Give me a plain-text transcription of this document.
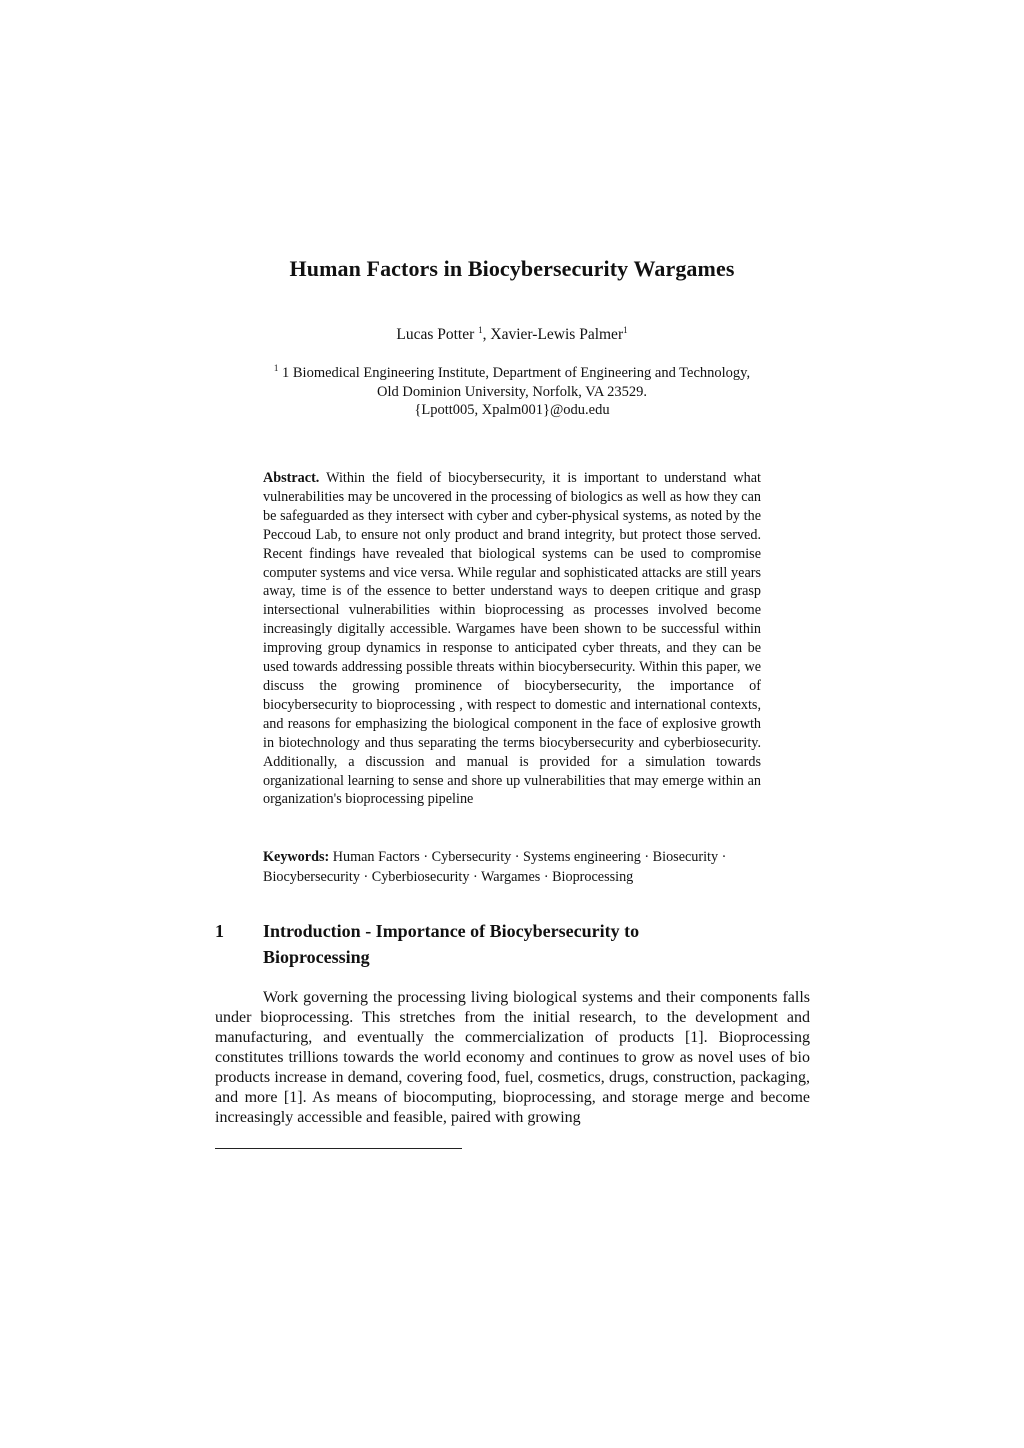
Human Factors in Biocybersecurity Wargames
Lucas Potter $^1$, Xavier-Lewis Palmer$^1$
$^1$ 1 Biomedical Engineering Institute, Department of Engineering and Technology,
Old Dominion University, Norfolk, VA 23529.
{Lpott005, Xpalm001}@odu.edu
Abstract. Within the field of biocybersecurity, it is important to understand what vulnerabilities may be uncovered in the processing of biologics as well as how they can be safeguarded as they intersect with cyber and cyber-physical systems, as noted by the Peccoud Lab, to ensure not only product and brand integrity, but protect those served. Recent findings have revealed that biological systems can be used to compromise computer systems and vice versa. While regular and sophisticated attacks are still years away, time is of the essence to better understand ways to deepen critique and grasp intersectional vulnerabilities within bioprocessing as processes involved become increasingly digitally accessible. Wargames have been shown to be successful within improving group dynamics in response to anticipated cyber threats, and they can be used towards addressing possible threats within biocybersecurity. Within this paper, we discuss the growing prominence of biocybersecurity, the importance of biocybersecurity to bioprocessing , with respect to domestic and international contexts, and reasons for emphasizing the biological component in the face of explosive growth in biotechnology and thus separating the terms biocybersecurity and cyberbiosecurity. Additionally, a discussion and manual is provided for a simulation towards organizational learning to sense and shore up vulnerabilities that may emerge within an organization's bioprocessing pipeline
Keywords: Human Factors · Cybersecurity · Systems engineering · Biosecurity · Biocybersecurity · Cyberbiosecurity · Wargames · Bioprocessing
1 Introduction - Importance of Biocybersecurity to Bioprocessing
Work governing the processing living biological systems and their components falls under bioprocessing. This stretches from the initial research, to the development and manufacturing, and eventually the commercialization of products [1]. Bioprocessing constitutes trillions towards the world economy and continues to grow as novel uses of bio products increase in demand, covering food, fuel, cosmetics, drugs, construction, packaging, and more [1]. As means of biocomputing, bioprocessing, and storage merge and become increasingly accessible and feasible, paired with growing
